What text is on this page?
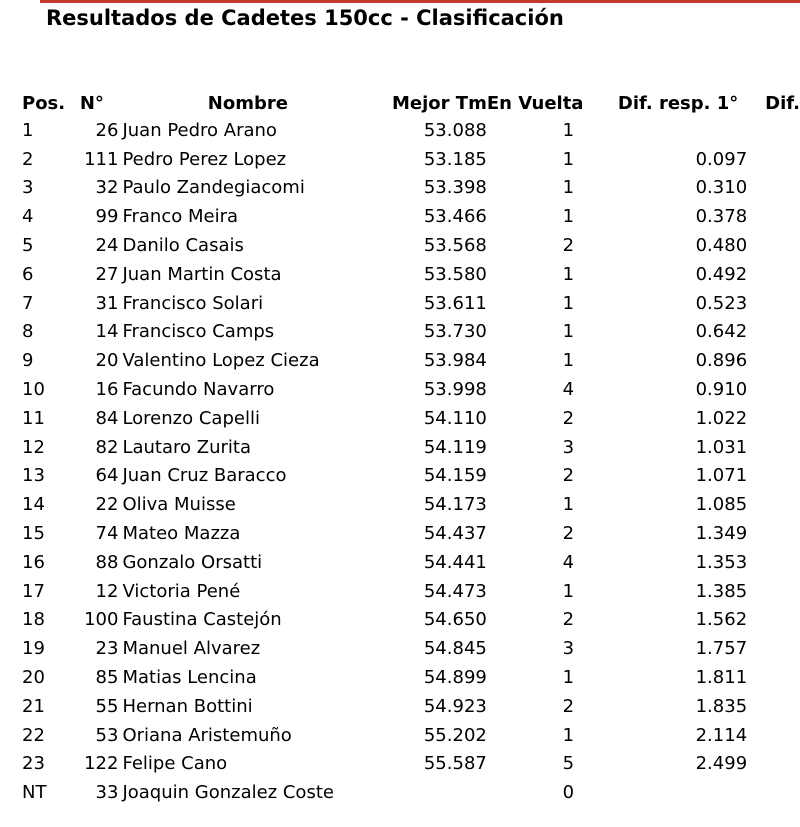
Resultados de Cadetes 150cc - Clasificación
Pos.	N°	Nombre	Mejor Tm	En Vuelta	Dif. resp. 1°	Dif.
1	26	Juan Pedro Arano	53.088	1		
2	111	Pedro Perez Lopez	53.185	1	0.097	
3	32	Paulo Zandegiacomi	53.398	1	0.310	
4	99	Franco Meira	53.466	1	0.378	
5	24	Danilo Casais	53.568	2	0.480	
6	27	Juan Martin Costa	53.580	1	0.492	
7	31	Francisco Solari	53.611	1	0.523	
8	14	Francisco Camps	53.730	1	0.642	
9	20	Valentino Lopez Cieza	53.984	1	0.896	
10	16	Facundo Navarro	53.998	4	0.910	
11	84	Lorenzo Capelli	54.110	2	1.022	
12	82	Lautaro Zurita	54.119	3	1.031	
13	64	Juan Cruz Baracco	54.159	2	1.071	
14	22	Oliva Muisse	54.173	1	1.085	
15	74	Mateo Mazza	54.437	2	1.349	
16	88	Gonzalo Orsatti	54.441	4	1.353	
17	12	Victoria Pené	54.473	1	1.385	
18	100	Faustina Castejón	54.650	2	1.562	
19	23	Manuel Alvarez	54.845	3	1.757	
20	85	Matias Lencina	54.899	1	1.811	
21	55	Hernan Bottini	54.923	2	1.835	
22	53	Oriana Aristemuño	55.202	1	2.114	
23	122	Felipe Cano	55.587	5	2.499	
NT	33	Joaquin Gonzalez Coste		0		
